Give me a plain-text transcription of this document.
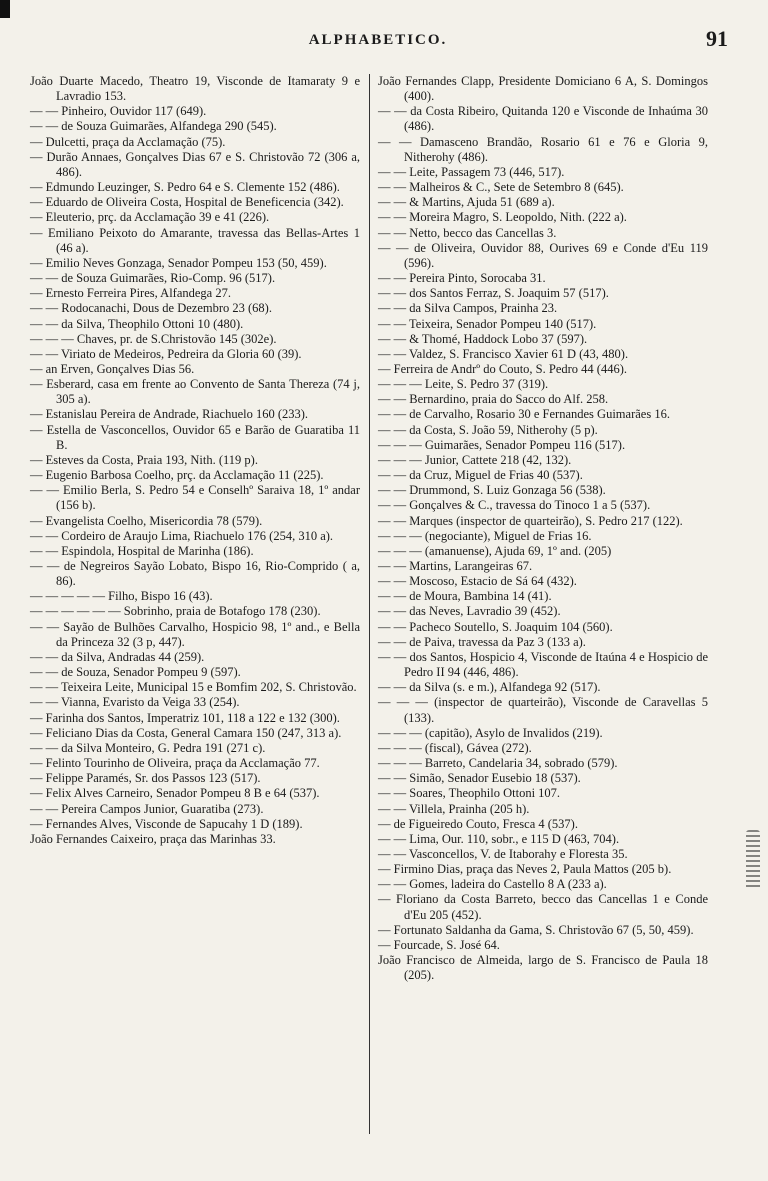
ALPHABETICO.	91

João Duarte Macedo, Theatro 19, Visconde de Itamaraty 9 e Lavradio 153.

— — Pinheiro, Ouvidor 117 (649).

— — de Souza Guimarães, Alfandega 290 (545).

— Dulcetti, praça da Acclamação (75).

— Durão Annaes, Gonçalves Dias 67 e S. Christovão 72 (306 a, 486).

— Edmundo Leuzinger, S. Pedro 64 e S. Clemente 152 (486).

— Eduardo de Oliveira Costa, Hospital de Beneficencia (342).

— Eleuterio, prç. da Acclamação 39 e 41 (226).

— Emiliano Peixoto do Amarante, travessa das Bellas-Artes 1 (46 a).

— Emilio Neves Gonzaga, Senador Pompeu 153 (50, 459).

— — de Souza Guimarães, Rio-Comp. 96 (517).

— Ernesto Ferreira Pires, Alfandega 27.

— — Rodocanachi, Dous de Dezembro 23 (68).

— — da Silva, Theophilo Ottoni 10 (480).

— — — Chaves, pr. de S.Christovão 145 (302e).

— — Viriato de Medeiros, Pedreira da Gloria 60 (39).

— an Erven, Gonçalves Dias 56.

— Esberard, casa em frente ao Convento de Santa Thereza (74 j, 305 a).

— Estanislau Pereira de Andrade, Riachuelo 160 (233).

— Estella de Vasconcellos, Ouvidor 65 e Barão de Guaratiba 11 B.

— Esteves da Costa, Praia 193, Nith. (119 p).

— Eugenio Barbosa Coelho, prç. da Acclamação 11 (225).

— — Emilio Berla, S. Pedro 54 e Conselhº Saraiva 18, 1º andar (156 b).

— Evangelista Coelho, Misericordia 78 (579).

— — Cordeiro de Araujo Lima, Riachuelo 176 (254, 310 a).

— — Espindola, Hospital de Marinha (186).

— — de Negreiros Sayão Lobato, Bispo 16, Rio-Comprido ( a, 86).

— — — — — Filho, Bispo 16 (43).

— — — — — — Sobrinho, praia de Botafogo 178 (230).

— — Sayão de Bulhões Carvalho, Hospicio 98, 1º and., e Bella da Princeza 32 (3 p, 447).

— — da Silva, Andradas 44 (259).

— — de Souza, Senador Pompeu 9 (597).

— — Teixeira Leite, Municipal 15 e Bomfim 202, S. Christovão.

— — Vianna, Evaristo da Veiga 33 (254).

— Farinha dos Santos, Imperatriz 101, 118 a 122 e 132 (300).

— Feliciano Dias da Costa, General Camara 150 (247, 313 a).

— — da Silva Monteiro, G. Pedra 191 (271 c).

— Felinto Tourinho de Oliveira, praça da Acclamação 77.

— Felippe Paramés, Sr. dos Passos 123 (517).

— Felix Alves Carneiro, Senador Pompeu 8 B e 64 (537).

— — Pereira Campos Junior, Guaratiba (273).

— Fernandes Alves, Visconde de Sapucahy 1 D (189).

João Fernandes Caixeiro, praça das Marinhas 33.

João Fernandes Clapp, Presidente Domiciano 6 A, S. Domingos (400).

— — da Costa Ribeiro, Quitanda 120 e Visconde de Inhaúma 30 (486).

— — Damasceno Brandão, Rosario 61 e 76 e Gloria 9, Nitherohy (486).

— — Leite, Passagem 73 (446, 517).

— — Malheiros & C., Sete de Setembro 8 (645).

— — & Martins, Ajuda 51 (689 a).

— — Moreira Magro, S. Leopoldo, Nith. (222 a).

— — Netto, becco das Cancellas 3.

— — de Oliveira, Ouvidor 88, Ourives 69 e Conde d'Eu 119 (596).

— — Pereira Pinto, Sorocaba 31.

— — dos Santos Ferraz, S. Joaquim 57 (517).

— — da Silva Campos, Prainha 23.

— — Teixeira, Senador Pompeu 140 (517).

— — & Thomé, Haddock Lobo 37 (597).

— — Valdez, S. Francisco Xavier 61 D (43, 480).

— Ferreira de Andrº do Couto, S. Pedro 44 (446).

— — — Leite, S. Pedro 37 (319).

— — Bernardino, praia do Sacco do Alf. 258.

— — de Carvalho, Rosario 30 e Fernandes Guimarães 16.

— — da Costa, S. João 59, Nitherohy (5 p).

— — — Guimarães, Senador Pompeu 116 (517).

— — — Junior, Cattete 218 (42, 132).

— — da Cruz, Miguel de Frias 40 (537).

— — Drummond, S. Luiz Gonzaga 56 (538).

— — Gonçalves & C., travessa do Tinoco 1 a 5 (537).

— — Marques (inspector de quarteirão), S. Pedro 217 (122).

— — — (negociante), Miguel de Frias 16.

— — — (amanuense), Ajuda 69, 1º and. (205)

— — Martins, Larangeiras 67.

— — Moscoso, Estacio de Sá 64 (432).

— — de Moura, Bambina 14 (41).

— — das Neves, Lavradio 39 (452).

— — Pacheco Soutello, S. Joaquim 104 (560).

— — de Paiva, travessa da Paz 3 (133 a).

— — dos Santos, Hospicio 4, Visconde de Itaúna 4 e Hospicio de Pedro II 94 (446, 486).

— — da Silva (s. e m.), Alfandega 92 (517).

— — — (inspector de quarteirão), Visconde de Caravellas 5 (133).

— — — (capitão), Asylo de Invalidos (219).

— — — (fiscal), Gávea (272).

— — — Barreto, Candelaria 34, sobrado (579).

— — Simão, Senador Eusebio 18 (537).

— — Soares, Theophilo Ottoni 107.

— — Villela, Prainha (205 h).

— de Figueiredo Couto, Fresca 4 (537).

— — Lima, Our. 110, sobr., e 115 D (463, 704).

— — Vasconcellos, V. de Itaborahy e Floresta 35.

— Firmino Dias, praça das Neves 2, Paula Mattos (205 b).

— — Gomes, ladeira do Castello 8 A (233 a).

— Floriano da Costa Barreto, becco das Cancellas 1 e Conde d'Eu 205 (452).

— Fortunato Saldanha da Gama, S. Christovão 67 (5, 50, 459).

— Fourcade, S. José 64.

João Francisco de Almeida, largo de S. Francisco de Paula 18 (205).
